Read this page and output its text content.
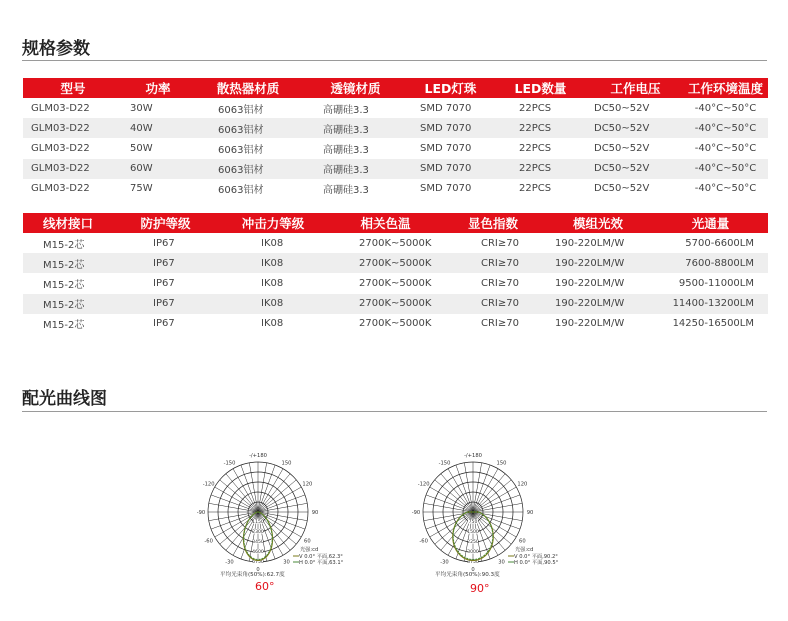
规格参数
型号	功率	散热器材质	透镜材质	LED灯珠	LED数量	工作电压	工作环境温度
GLM03-D22	30W	6063铝材	高硼硅3.3	SMD 7070	22PCS	DC50~52V	-40°C~50°C
GLM03-D22	40W	6063铝材	高硼硅3.3	SMD 7070	22PCS	DC50~52V	-40°C~50°C
GLM03-D22	50W	6063铝材	高硼硅3.3	SMD 7070	22PCS	DC50~52V	-40°C~50°C
GLM03-D22	60W	6063铝材	高硼硅3.3	SMD 7070	22PCS	DC50~52V	-40°C~50°C
GLM03-D22	75W	6063铝材	高硼硅3.3	SMD 7070	22PCS	DC50~52V	-40°C~50°C
线材接口	防护等级	冲击力等级	相关色温	显色指数	模组光效	光通量
M15-2芯	IP67	IK08	2700K~5000K	CRI≥70	190-220LM/W	5700-6600LM
M15-2芯	IP67	IK08	2700K~5000K	CRI≥70	190-220LM/W	7600-8800LM
M15-2芯	IP67	IK08	2700K~5000K	CRI≥70	190-220LM/W	9500-11000LM
M15-2芯	IP67	IK08	2700K~5000K	CRI≥70	190-220LM/W	11400-13200LM
M15-2芯	IP67	IK08	2700K~5000K	CRI≥70	190-220LM/W	14250-16500LM
配光曲线图
-/+180
-150	150
-120	120
-90	90
-60	60
-30	30
0
1150
2300
3450
4600
5750
光强:cd
V 0.0° 平面,62.3°
H 0.0° 平面,63.1°
平均光束角(50%):62.7度
60°
-/+180
-150	150
-120	120
-90	90
-60	60
-30	30
0
750
1500
2250
3000
3750
光强:cd
V 0.0° 平面,90.2°
H 0.0° 平面,90.5°
平均光束角(50%):90.3度
90°
